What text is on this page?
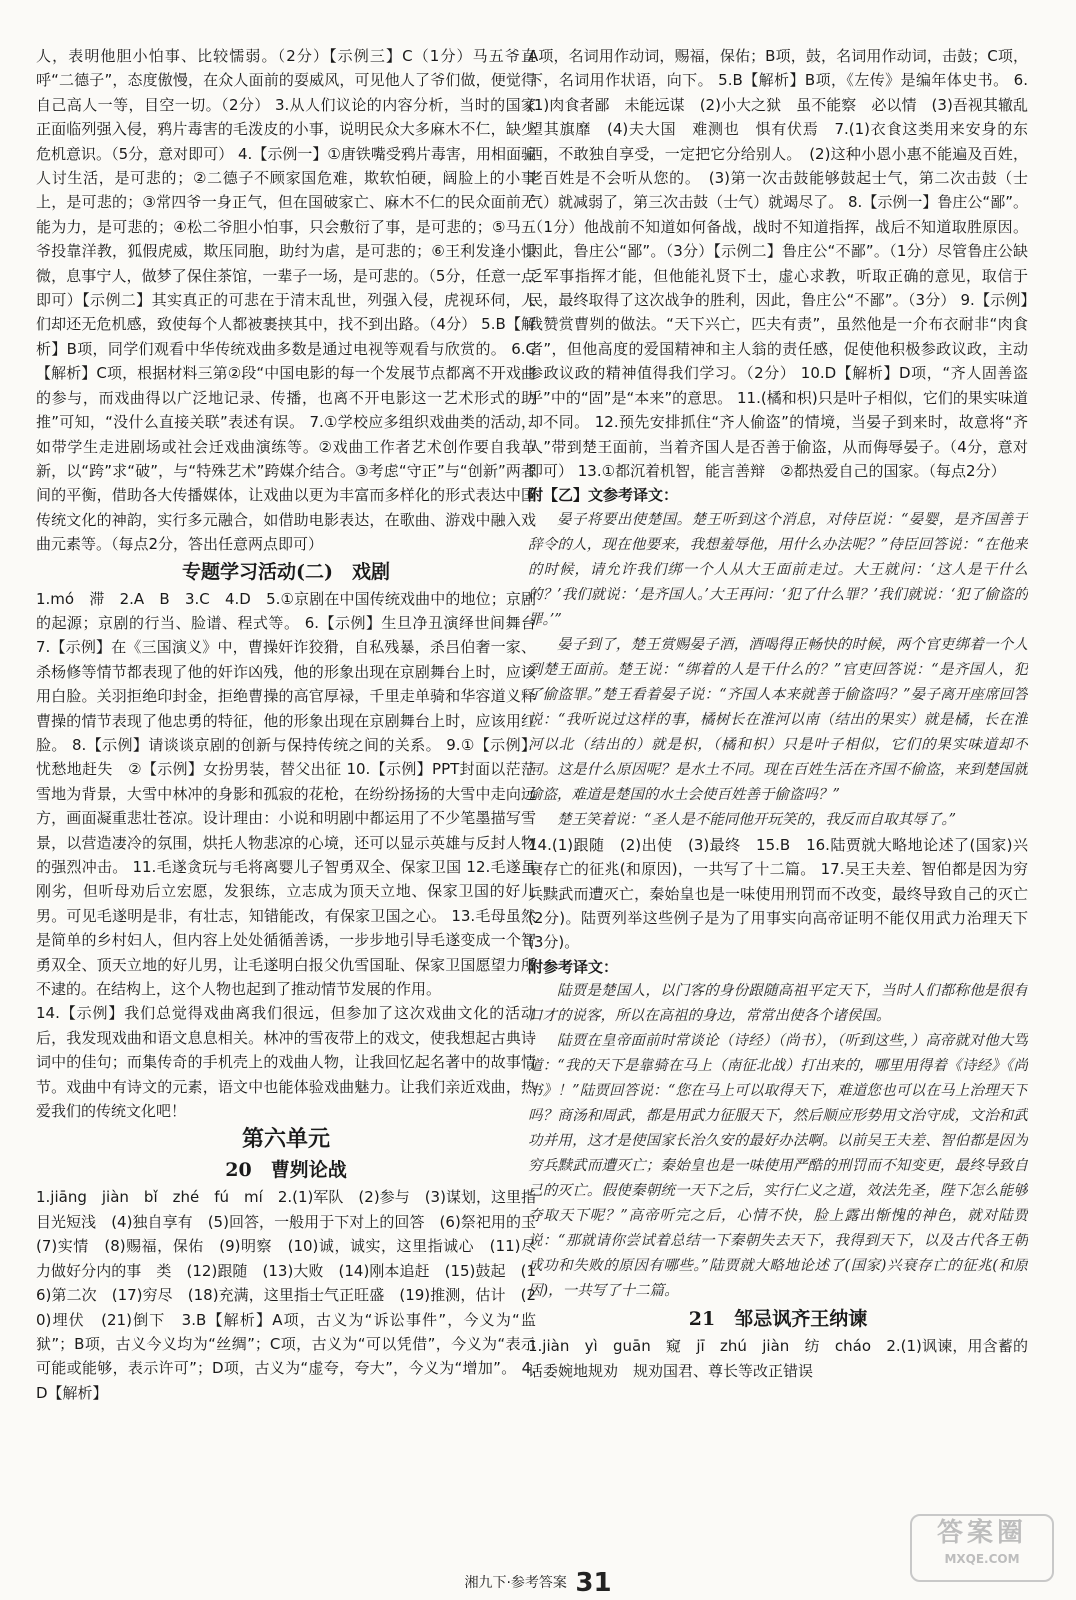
人，表明他胆小怕事、比较懦弱。（2分）【示例三】C（1分）马五爷直呼“二德子”，态度傲慢，在众人面前的耍威风，可见他人了爷们做，便觉得自己高人一等，目空一切。（2分） 3.从人们议论的内容分析，当时的国家正面临列强入侵，鸦片毒害的毛泼皮的小事，说明民众大多麻木不仁，缺少危机意识。（5分，意对即可） 4.【示例一】①唐铁嘴受鸦片毒害，用相面骗人讨生活，是可悲的；②二德子不顾家国危难，欺软怕硬，阔脸上的小事上，是可悲的；③常四爷一身正气，但在国破家亡、麻木不仁的民众面前无能为力，是可悲的；④松二爷胆小怕事，只会敷衍了事，是可悲的；⑤马五爷投靠洋教，狐假虎威，欺压同胞，助纣为虐，是可悲的；⑥王利发逢小惧微，息事宁人，做梦了保住茶馆，一辈子一场，是可悲的。（5分，任意一点即可）【示例二】其实真正的可悲在于清末乱世，列强入侵，虎视环伺，人们却还无危机感，致使每个人都被裹挟其中，找不到出路。（4分） 5.B【解析】B项，同学们观看中华传统戏曲多数是通过电视等观看与欣赏的。 6.C【解析】C项，根据材料三第②段“中国电影的每一个发展节点都离不开戏曲的参与，而戏曲得以广泛地记录、传播，也离不开电影这一艺术形式的助推”可知，“没什么直接关联”表述有误。 7.①学校应多组织戏曲类的活动，如带学生走进剧场或社会迁戏曲演练等。②戏曲工作者艺术创作要自我革新，以“跨”求“破”，与“特殊艺术”跨媒介结合。③考虑“守正”与“创新”两者间的平衡，借助各大传播媒体，让戏曲以更为丰富而多样化的形式表达中国传统文化的神韵，实行多元融合，如借助电影表达，在歌曲、游戏中融入戏曲元素等。（每点2分，答出任意两点即可）

专题学习活动(二)　戏剧

1.mó　滞　2.A　B　3.C　4.D　5.①京剧在中国传统戏曲中的地位；京剧的起源；京剧的行当、脸谱、程式等。 6.【示例】生旦净丑演绎世间舞台 7.【示例】在《三国演义》中，曹操奸诈狡猾，自私残暴，杀吕伯奢一家、杀杨修等情节都表现了他的奸诈凶残，他的形象出现在京剧舞台上时，应该用白脸。关羽拒绝印封金，拒绝曹操的高官厚禄，千里走单骑和华容道义释曹操的情节表现了他忠勇的特征，他的形象出现在京剧舞台上时，应该用红脸。 8.【示例】请谈谈京剧的创新与保持传统之间的关系。 9.①【示例】忧愁地赶失　②【示例】女扮男装，替父出征 10.【示例】PPT封面以茫茫雪地为背景，大雪中林冲的身影和孤寂的花枪，在纷纷扬扬的大雪中走向远方，画面凝重悲壮苍凉。设计理由：小说和明剧中都运用了不少笔墨描写雪景，以营造凄冷的氛围，烘托人物悲凉的心境，还可以显示英雄与反封人物的强烈冲击。 11.毛遂贪玩与毛将离婴儿子智勇双全、保家卫国 12.毛遂虽刚劣，但听母劝后立宏愿，发狠练，立志成为顶天立地、保家卫国的好儿男。可见毛遂明是非，有壮志，知错能改，有保家卫国之心。 13.毛母虽然是简单的乡村妇人，但内容上处处循循善诱，一步步地引导毛遂变成一个智勇双全、顶天立地的好儿男，让毛遂明白报父仇雪国耻、保家卫国愿望力所不逮的。在结构上，这个人物也起到了推动情节发展的作用。

14.【示例】我们总觉得戏曲离我们很远，但参加了这次戏曲文化的活动后，我发现戏曲和语文息息相关。林冲的雪夜带上的戏文，使我想起古典诗词中的佳句；而集传奇的手机壳上的戏曲人物，让我回忆起名著中的故事情节。戏曲中有诗文的元素，语文中也能体验戏曲魅力。让我们亲近戏曲，热爱我们的传统文化吧！

第六单元

20　曹刿论战

1.jiāng　jiàn　bǐ　zhé　fú　mí　2.(1)军队　(2)参与　(3)谋划，这里指目光短浅　(4)独自享有　(5)回答，一般用于下对上的回答　(6)祭祀用的玉　(7)实情　(8)赐福，保佑　(9)明察　(10)诚，诚实，这里指诚心　(11)尽力做好分内的事　类　(12)跟随　(13)大败　(14)刚本追赶　(15)鼓起　(16)第二次　(17)穷尽　(18)充满，这里指士气正旺盛　(19)推测，估计　(20)埋伏　(21)倒下　3.B【解析】A项，古义为“诉讼事件”，今义为“监狱”；B项，古义今义均为“丝绸”；C项，古义为“可以凭借”，今义为“表示可能或能够，表示许可”；D项，古义为“虚夸，夸大”，今义为“增加”。 4.D【解析】

A项，名词用作动词，赐福，保佑；B项，鼓，名词用作动词，击鼓；C项，下，名词用作状语，向下。 5.B【解析】B项，《左传》是编年体史书。 6.(1)肉食者鄙　未能远谋　(2)小大之狱　虽不能察　必以情　(3)吾视其辙乱　望其旗靡　(4)夫大国　难测也　惧有伏焉　7.(1)衣食这类用来安身的东西，不敢独自享受，一定把它分给别人。　(2)这种小恩小惠不能遍及百姓，老百姓是不会听从您的。　(3)第一次击鼓能够鼓起士气，第二次击鼓（士气）就减弱了，第三次击鼓（士气）就竭尽了。 8.【示例一】鲁庄公“鄙”。（1分）他战前不知道如何备战，战时不知道指挥，战后不知道取胜原因。因此，鲁庄公“鄙”。（3分）【示例二】鲁庄公“不鄙”。（1分）尽管鲁庄公缺乏军事指挥才能，但他能礼贤下士，虚心求教，听取正确的意见，取信于民，最终取得了这次战争的胜利，因此，鲁庄公“不鄙”。（3分） 9.【示例】我赞赏曹刿的做法。“天下兴亡，匹夫有责”，虽然他是一介布衣耐非“肉食者”，但他高度的爱国精神和主人翁的责任感，促使他积极参政议政，主动参政议政的精神值得我们学习。（2分） 10.D【解析】D项，“齐人固善盗乎”中的“固”是“本来”的意思。 11.(橘和枳)只是叶子相似，它们的果实味道却不同。 12.预先安排抓住“齐人偷盗”的情境，当晏子到来时，故意将“齐人”带到楚王面前，当着齐国人是否善于偷盗，从而侮辱晏子。（4分，意对即可） 13.①都沉着机智，能言善辩　②都热爱自己的国家。（每点2分）

附【乙】文参考译文：

晏子将要出使楚国。楚王听到这个消息，对侍臣说：“晏婴，是齐国善于辞令的人，现在他要来，我想羞辱他，用什么办法呢？”侍臣回答说：“在他来的时候，请允许我们绑一个人从大王面前走过。大王就问：‘这人是干什么的？’我们就说：‘是齐国人。’大王再问：‘犯了什么罪？’我们就说：‘犯了偷盗的罪。’”

晏子到了，楚王赏赐晏子酒，酒喝得正畅快的时候，两个官吏绑着一个人到楚王面前。楚王说：“绑着的人是干什么的？”官吏回答说：“是齐国人，犯了偷盗罪。”楚王看着晏子说：“齐国人本来就善于偷盗吗？”晏子离开座席回答说：“我听说过这样的事，橘树长在淮河以南（结出的果实）就是橘，长在淮河以北（结出的）就是枳，（橘和枳）只是叶子相似，它们的果实味道却不同。这是什么原因呢？是水土不同。现在百姓生活在齐国不偷盗，来到楚国就偷盗，难道是楚国的水土会使百姓善于偷盗吗？”

楚王笑着说：“圣人是不能同他开玩笑的，我反而自取其辱了。”

14.(1)跟随　(2)出使　(3)最终　15.B　16.陆贾就大略地论述了(国家)兴衰存亡的征兆(和原因)，一共写了十二篇。 17.吴王夫差、智伯都是因为穷兵黩武而遭灭亡，秦始皇也是一味使用刑罚而不改变，最终导致自己的灭亡(2分)。陆贾列举这些例子是为了用事实向高帝证明不能仅用武力治理天下(3分)。

附参考译文：

陆贾是楚国人，以门客的身份跟随高祖平定天下，当时人们都称他是很有口才的说客，所以在高祖的身边，常常出使各个诸侯国。

陆贾在皇帝面前时常谈论（诗经）（尚书），（听到这些，）高帝就对他大骂道：“我的天下是靠骑在马上（南征北战）打出来的，哪里用得着《诗经》《尚书》！”陆贾回答说：“您在马上可以取得天下，难道您也可以在马上治理天下吗？商汤和周武，都是用武力征服天下，然后顺应形势用文治守成，文治和武功并用，这才是使国家长治久安的最好办法啊。以前吴王夫差、智伯都是因为穷兵黩武而遭灭亡；秦始皇也是一味使用严酷的刑罚而不知变更，最终导致自己的灭亡。假使秦朝统一天下之后，实行仁义之道，效法先圣，陛下怎么能够夺取天下呢？”高帝听完之后，心情不快，脸上露出惭愧的神色，就对陆贾说：“那就请你尝试着总结一下秦朝失去天下，我得到天下，以及古代各王朝成功和失败的原因有哪些。”陆贾就大略地论述了(国家)兴衰存亡的征兆(和原因)，一共写了十二篇。

21　邹忌讽齐王纳谏

1.jiàn　yì　guān　窥　jī　zhú　jiàn　纺　cháo　2.(1)讽谏，用含蓄的话委婉地规劝　规劝国君、尊长等改正错误

湘九下·参考答案 31
答案圈
MXQE.COM
